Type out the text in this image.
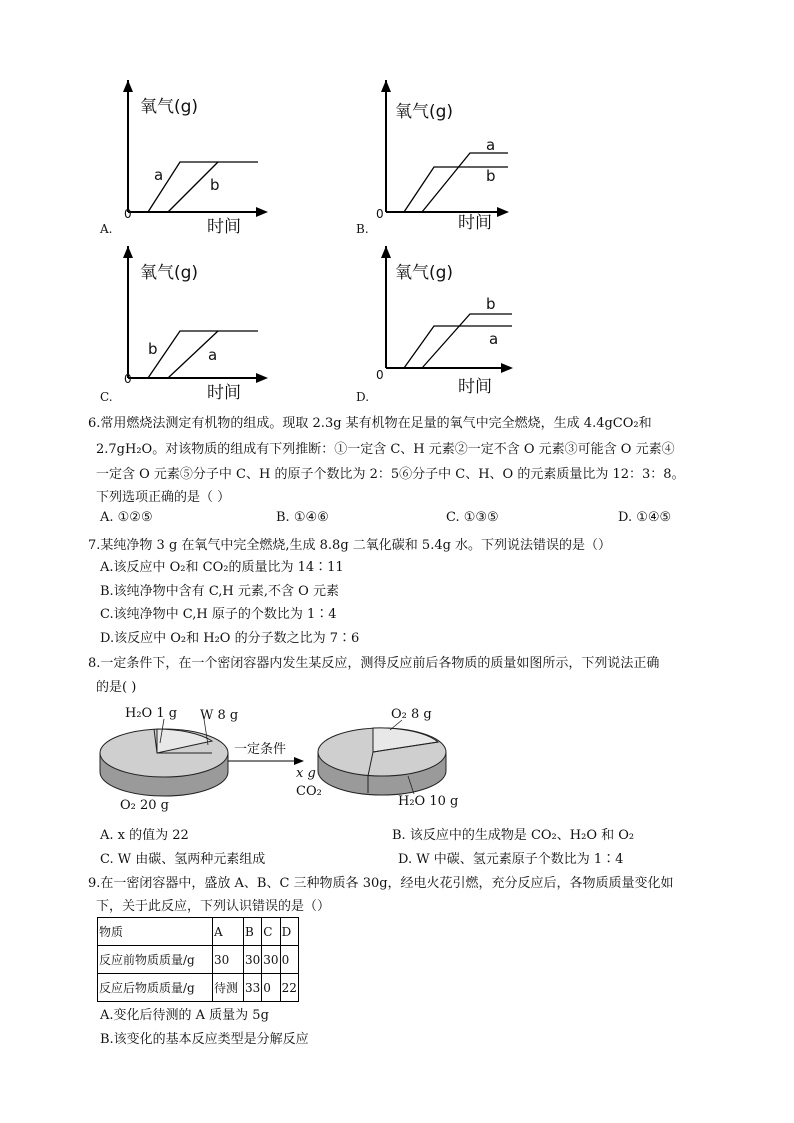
氧气(g)
时间
0
a
b
A.
氧气(g)
时间
0
a
b
B.
氧气(g)
时间
0
b	a
C.
氧气(g)
时间
0
b
a
D.
6.常用燃烧法测定有机物的组成。现取 2.3g 某有机物在足量的氧气中完全燃烧，生成 4.4gCO₂和
2.7gH₂O。对该物质的组成有下列推断：①一定含 C、H 元素②一定不含 O 元素③可能含 O 元素④
一定含 O 元素⑤分子中 C、H 的原子个数比为 2：5⑥分子中 C、H、O 的元素质量比为 12：3：8。
下列选项正确的是（ ）
A. ①②⑤	B. ①④⑥	C. ①③⑤	D. ①④⑤
7.某纯净物 3 g 在氧气中完全燃烧,生成 8.8g 二氧化碳和 5.4g 水。下列说法错误的是（）
A.该反应中 O₂和 CO₂的质量比为 14∶11
B.该纯净物中含有 C,H 元素,不含 O 元素
C.该纯净物中 C,H 原子的个数比为 1∶4
D.该反应中 O₂和 H₂O 的分子数之比为 7∶6
8.一定条件下，在一个密闭容器内发生某反应，测得反应前后各物质的质量如图所示，下列说法正确
的是( )
H₂O 1 g W 8 g
O₂ 20 g
一定条件
O₂ 8 g
x g
CO₂
H₂O 10 g
A. x 的值为 22	B. 该反应中的生成物是 CO₂、H₂O 和 O₂
C. W 由碳、氢两种元素组成	D. W 中碳、氢元素原子个数比为 1∶4
9.在一密闭容器中，盛放 A、B、C 三种物质各 30g，经电火花引燃，充分反应后，各物质质量变化如
下，关于此反应，下列认识错误的是（）
物质	A	B	C	D
反应前物质质量/g	30	30	30	0
反应后物质质量/g	待测	33	0	22
A.变化后待测的 A 质量为 5g
B.该变化的基本反应类型是分解反应
